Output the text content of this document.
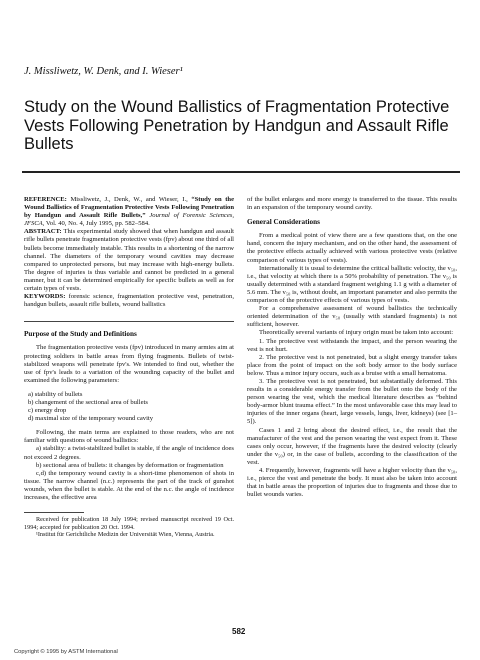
J. Missliwetz, W. Denk, and I. Wieser¹
Study on the Wound Ballistics of Fragmentation Protective Vests Following Penetration by Handgun and Assault Rifle Bullets

REFERENCE: Missliwetz, J., Denk, W., and Wieser, I., “Study on the Wound Ballistics of Fragmentation Protective Vests Following Penetration by Handgun and Assault Rifle Bullets,” Journal of Forensic Sciences, JFSCA, Vol. 40, No. 4, July 1995, pp. 582–584.

ABSTRACT: This experimental study showed that when handgun and assault rifle bullets penetrate fragmentation protective vests (fpv) about one third of all bullets become immediately instable. This results in a shortening of the narrow channel. The diameters of the temporary wound cavities may decrease compared to unprotected persons, but may increase with high-energy bullets. The degree of injuries is thus variable and cannot be predicted in a general manner, but it can be determined empirically for specific bullets as well as for certain types of vests.

KEYWORDS: forensic science, fragmentation protective vest, penetration, handgun bullets, assault rifle bullets, wound ballistics

Purpose of the Study and Definitions

The fragmentation protective vests (fpv) introduced in many armies aim at protecting soldiers in battle areas from flying fragments. Bullets of twist-stabilized weapons will penetrate fpv's. We intended to find out, whether the use of fpv's leads to a variation of the wounding capacity of the bullet and examined the following parameters:

a) stability of bullets
b) changement of the sectional area of bullets
c) energy drop
d) maximal size of the temporary wound cavity

Following, the main terms are explained to those readers, who are not familiar with questions of wound ballistics:

a) stability: a twist-stabilized bullet is stable, if the angle of incidence does not exceed 2 degrees.

b) sectional area of bullets: it changes by deformation or fragmentation

c,d) the temporary wound cavity is a short-time phenomenon of shots in tissue. The narrow channel (n.c.) represents the part of the track of gunshot wounds, when the bullet is stable. At the end of the n.c. the angle of incidence increases, the effective area

Received for publication 18 July 1994; revised manuscript received 19 Oct. 1994; accepted for publication 20 Oct. 1994.

¹Institut für Gerichtliche Medizin der Universität Wien, Vienna, Austria.

of the bullet enlarges and more energy is transferred to the tissue. This results in an expansion of the temporary wound cavity.

General Considerations

From a medical point of view there are a few questions that, on the one hand, concern the injury mechanism, and on the other hand, the assessment of the protective effects actually achieved with various protective vests (relative comparison of various types of vests).

Internationally it is usual to determine the critical ballistic velocity, the v₅₀, i.e., that velocity at which there is a 50% probability of penetration. The v₅₀ is usually determined with a standard fragment weighing 1.1 g with a diameter of 5.6 mm. The v₅₀ is, without doubt, an important parameter and also permits the comparison of the protective effects of various types of vests.

For a comprehensive assessment of wound ballistics the technically oriented determination of the v₅₀ (usually with standard fragments) is not sufficient, however.

Theoretically several variants of injury origin must be taken into account:

1. The protective vest withstands the impact, and the person wearing the vest is not hurt.

2. The protective vest is not penetrated, but a slight energy transfer takes place from the point of impact on the soft body armor to the body surface below. Thus a minor injury occurs, such as a bruise with a small hematoma.

3. The protective vest is not penetrated, but substantially deformed. This results in a considerable energy transfer from the bullet onto the body of the person wearing the vest, which the medical literature describes as “behind body-armor blunt trauma effect.” In the most unfavorable case this may lead to injuries of the inner organs (heart, large vessels, lungs, liver, kidneys) (see [1–5]).

Cases 1 and 2 bring about the desired effect, i.e., the result that the manufacturer of the vest and the person wearing the vest expect from it. These cases only occur, however, if the fragments have the desired velocity (clearly under the v₅₀) or, in the case of bullets, according to the classification of the vest.

4. Frequently, however, fragments will have a higher velocity than the v₅₀, i.e., pierce the vest and penetrate the body. It must also be taken into account that in battle areas the proportion of injuries due to fragments and those due to bullet wounds varies.

582
Copyright © 1995 by ASTM International
